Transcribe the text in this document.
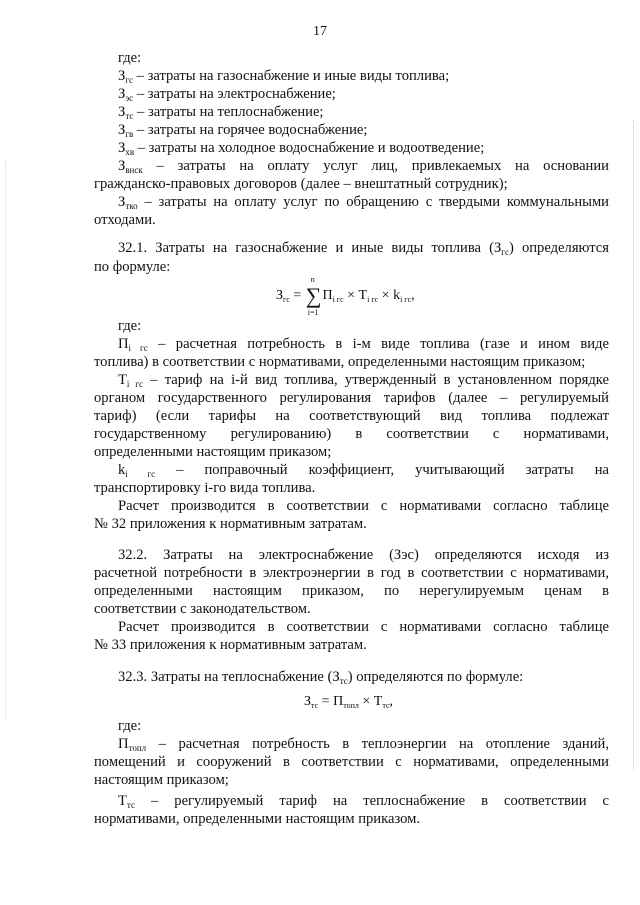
17
где:
$З_{гс}$ – затраты на газоснабжение и иные виды топлива;
$З_{эс}$ – затраты на электроснабжение;
$З_{тс}$ – затраты на теплоснабжение;
$З_{гв}$ – затраты на горячее водоснабжение;
$З_{хв}$ – затраты на холодное водоснабжение и водоотведение;
$З_{внск}$ – затраты на оплату услуг лиц, привлекаемых на основании
гражданско-правовых договоров (далее – внештатный сотрудник);
$З_{тко}$ – затраты на оплату услуг по обращению с твердыми коммунальными
отходами.
32.1. Затраты на газоснабжение и иные виды топлива $(З_{гс})$ определяются
по формуле:
$З_{гс}$ =
n
∑
i=1
$П_{i гс} \times Т_{i гс} \times k_{i гс}$,
где:
$П_{i гс}$ – расчетная потребность в i-м виде топлива (газе и ином виде
топлива) в соответствии с нормативами, определенными настоящим приказом;
$Т_{i гс}$ – тариф на i-й вид топлива, утвержденный в установленном порядке
органом государственного регулирования тарифов (далее – регулируемый
тариф) (если тарифы на соответствующий вид топлива подлежат
государственному регулированию) в соответствии с нормативами,
определенными настоящим приказом;
$k_{i гс}$ – поправочный коэффициент, учитывающий затраты на
транспортировку i-го вида топлива.
Расчет производится в соответствии с нормативами согласно таблице
№ 32 приложения к нормативным затратам.
32.2. Затраты на электроснабжение (Зэс) определяются исходя из
расчетной потребности в электроэнергии в год в соответствии с нормативами,
определенными настоящим приказом, по нерегулируемым ценам в
соответствии с законодательством.
Расчет производится в соответствии с нормативами согласно таблице
№ 33 приложения к нормативным затратам.
32.3. Затраты на теплоснабжение $(З_{тс})$ определяются по формуле:
$З_{тс} = П_{топл} \times Т_{тс}$,
где:
$П_{топл}$ – расчетная потребность в теплоэнергии на отопление зданий,
помещений и сооружений в соответствии с нормативами, определенными
настоящим приказом;
$Т_{тс}$ – регулируемый тариф на теплоснабжение в соответствии с
нормативами, определенными настоящим приказом.
